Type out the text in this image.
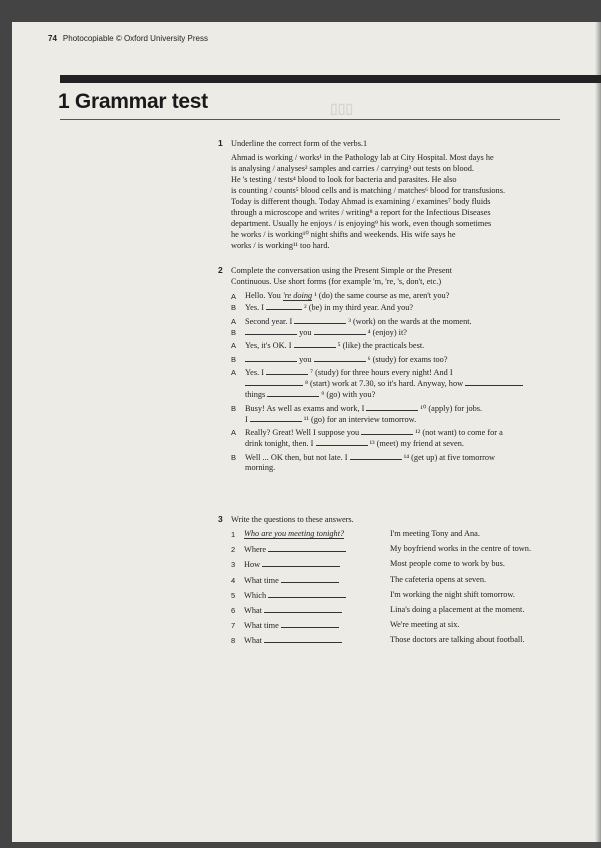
▯▯▯
74 Photocopiable © Oxford University Press
1 Grammar test
1 Underline the correct form of the verbs.1
Ahmad is working / works¹ in the Pathology lab at City Hospital. Most days he
is analysing / analyses² samples and carries / carrying³ out tests on blood.
He 's testing / tests⁴ blood to look for bacteria and parasites. He also
is counting / counts⁵ blood cells and is matching / matches⁶ blood for transfusions.
Today is different though. Today Ahmad is examining / examines⁷ body fluids
through a microscope and writes / writing⁸ a report for the Infectious Diseases
department. Usually he enjoys / is enjoying⁹ his work, even though sometimes
he works / is working¹⁰ night shifts and weekends. His wife says he
works / is working¹¹ too hard.
2 Complete the conversation using the Present Simple or the Present
Continuous. Use short forms (for example 'm, 're, 's, don't, etc.)
A Hello. You 're doing ¹ (do) the same course as me, aren't you?
B Yes. I	² (be) in my third year. And you?
A Second year. I	³ (work) on the wards at the moment.
B	you	⁴ (enjoy) it?
A Yes, it's OK. I	⁵ (like) the practicals best.
B	you	⁶ (study) for exams too?
A Yes. I	⁷ (study) for three hours every night! And I
⁸ (start) work at 7.30, so it's hard. Anyway, how
things	⁹ (go) with you?
B Busy! As well as exams and work, I	¹⁰ (apply) for jobs.
I	¹¹ (go) for an interview tomorrow.
A Really? Great! Well I suppose you	¹² (not want) to come for a
drink tonight, then. I	¹³ (meet) my friend at seven.
B Well ... OK then, but not late. I	¹⁴ (get up) at five tomorrow
morning.
3 Write the questions to these answers.
1 Who are you meeting tonight?	I'm meeting Tony and Ana.
2 Where	My boyfriend works in the centre of town.
3 How	Most people come to work by bus.
4 What time	The cafeteria opens at seven.
5 Which	I'm working the night shift tomorrow.
6 What	Lina's doing a placement at the moment.
7 What time	We're meeting at six.
8 What	Those doctors are talking about football.
